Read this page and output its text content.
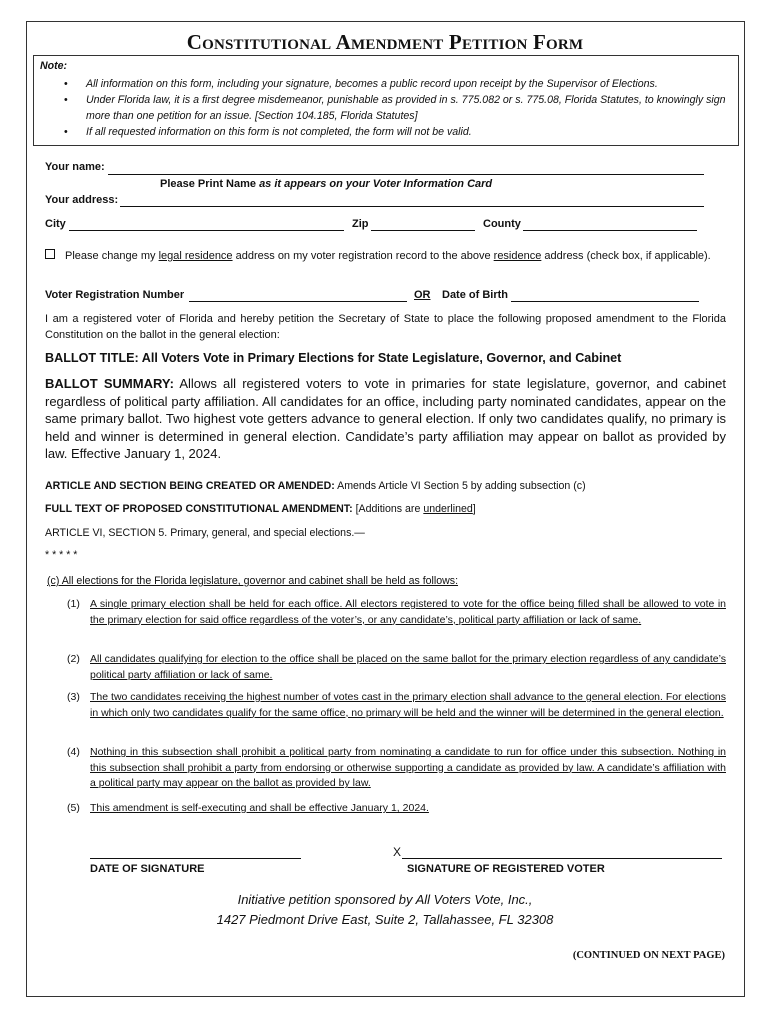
Constitutional Amendment Petition Form
Note:
• All information on this form, including your signature, becomes a public record upon receipt by the Supervisor of Elections.
• Under Florida law, it is a first degree misdemeanor, punishable as provided in s. 775.082 or s. 775.08, Florida Statutes, to knowingly sign more than one petition for an issue. [Section 104.185, Florida Statutes]
• If all requested information on this form is not completed, the form will not be valid.
Your name:
Please Print Name as it appears on your Voter Information Card
Your address:
City	Zip	County
Please change my legal residence address on my voter registration record to the above residence address (check box, if applicable).
Voter Registration Number	OR Date of Birth
I am a registered voter of Florida and hereby petition the Secretary of State to place the following proposed amendment to the Florida Constitution on the ballot in the general election:
BALLOT TITLE: All Voters Vote in Primary Elections for State Legislature, Governor, and Cabinet
BALLOT SUMMARY: Allows all registered voters to vote in primaries for state legislature, governor, and cabinet regardless of political party affiliation. All candidates for an office, including party nominated candidates, appear on the same primary ballot. Two highest vote getters advance to general election. If only two candidates qualify, no primary is held and winner is determined in general election. Candidate’s party affiliation may appear on ballot as provided by law. Effective January 1, 2024.
ARTICLE AND SECTION BEING CREATED OR AMENDED: Amends Article VI Section 5 by adding subsection (c)
FULL TEXT OF PROPOSED CONSTITUTIONAL AMENDMENT: [Additions are underlined]
ARTICLE VI, SECTION 5. Primary, general, and special elections.—
* * * * *
(c) All elections for the Florida legislature, governor and cabinet shall be held as follows:
(1) A single primary election shall be held for each office. All electors registered to vote for the office being filled shall be allowed to vote in the primary election for said office regardless of the voter’s, or any candidate’s, political party affiliation or lack of same.
(2) All candidates qualifying for election to the office shall be placed on the same ballot for the primary election regardless of any candidate’s political party affiliation or lack of same.
(3) The two candidates receiving the highest number of votes cast in the primary election shall advance to the general election. For elections in which only two candidates qualify for the same office, no primary will be held and the winner will be determined in the general election.
(4) Nothing in this subsection shall prohibit a political party from nominating a candidate to run for office under this subsection. Nothing in this subsection shall prohibit a party from endorsing or otherwise supporting a candidate as provided by law. A candidate’s affiliation with a political party may appear on the ballot as provided by law.
(5) This amendment is self-executing and shall be effective January 1, 2024.
DATE OF SIGNATURE
X
SIGNATURE OF REGISTERED VOTER
Initiative petition sponsored by All Voters Vote, Inc.,
1427 Piedmont Drive East, Suite 2, Tallahassee, FL 32308
(CONTINUED ON NEXT PAGE)
